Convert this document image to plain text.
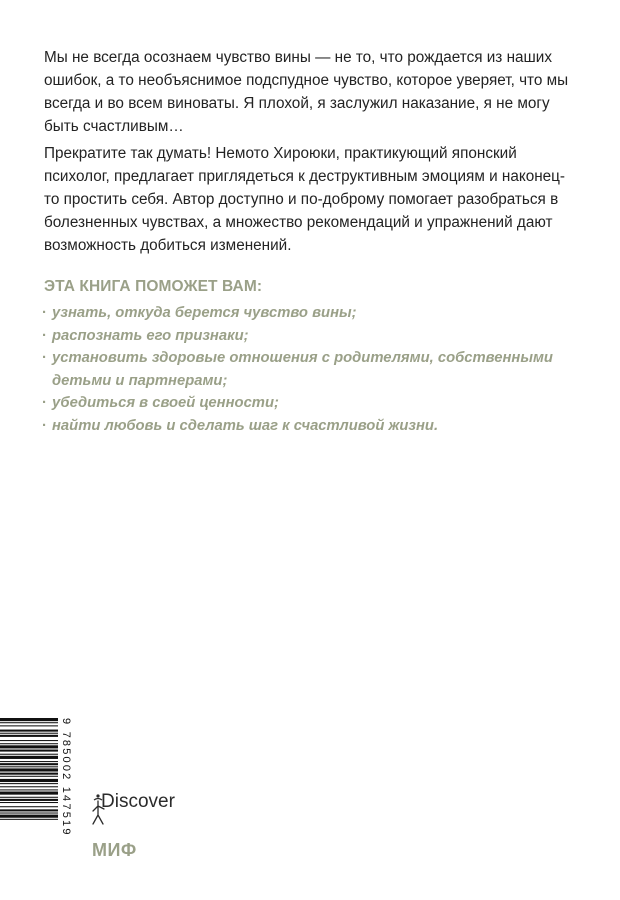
Мы не всегда осознаем чувство вины — не то, что рождается из наших ошибок, а то необъяснимое подспудное чувство, которое уверяет, что мы всегда и во всем виноваты. Я плохой, я заслужил наказание, я не могу быть счастливым…

Прекратите так думать! Немото Хироюки, практикующий японский психолог, предлагает приглядеться к деструктивным эмоциям и наконец-то простить себя. Автор доступно и по-доброму помогает разобраться в болезненных чувствах, а множество рекомендаций и упражнений дают возможность добиться изменений.

ЭТА КНИГА ПОМОЖЕТ ВАМ:
· узнать, откуда берется чувство вины;
· распознать его признаки;
· установить здоровые отношения с родителями, собственными детьми и партнерами;
· убедиться в своей ценности;
· найти любовь и сделать шаг к счастливой жизни.
9 785002 147519 Discover
МИФ
